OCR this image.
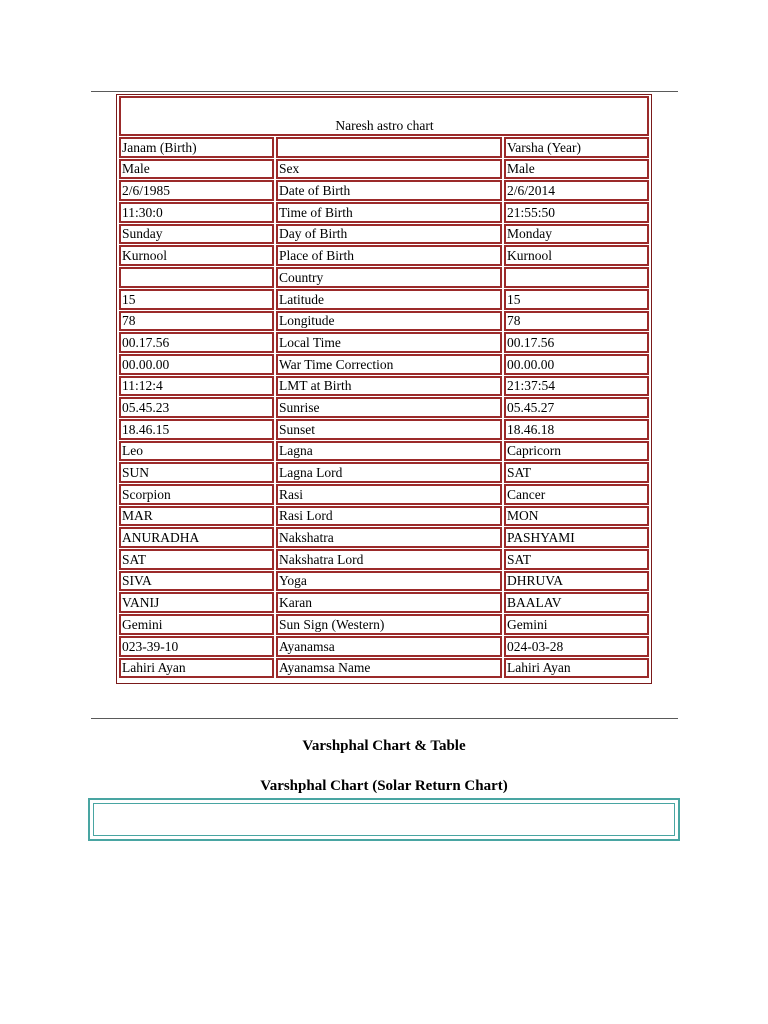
Naresh astro chart		
Janam (Birth)		Varsha (Year)
Male	Sex	Male
2/6/1985	Date of Birth	2/6/2014
11:30:0	Time of Birth	21:55:50
Sunday	Day of Birth	Monday
Kurnool	Place of Birth	Kurnool
	Country	
15	Latitude	15
78	Longitude	78
00.17.56	Local Time	00.17.56
00.00.00	War Time Correction	00.00.00
11:12:4	LMT at Birth	21:37:54
05.45.23	Sunrise	05.45.27
18.46.15	Sunset	18.46.18
Leo	Lagna	Capricorn
SUN	Lagna Lord	SAT
Scorpion	Rasi	Cancer
MAR	Rasi Lord	MON
ANURADHA	Nakshatra	PASHYAMI
SAT	Nakshatra Lord	SAT
SIVA	Yoga	DHRUVA
VANIJ	Karan	BAALAV
Gemini	Sun Sign (Western)	Gemini
023-39-10	Ayanamsa	024-03-28
Lahiri Ayan	Ayanamsa Name	Lahiri Ayan
Varshphal Chart & Table
Varshphal Chart (Solar Return Chart)
